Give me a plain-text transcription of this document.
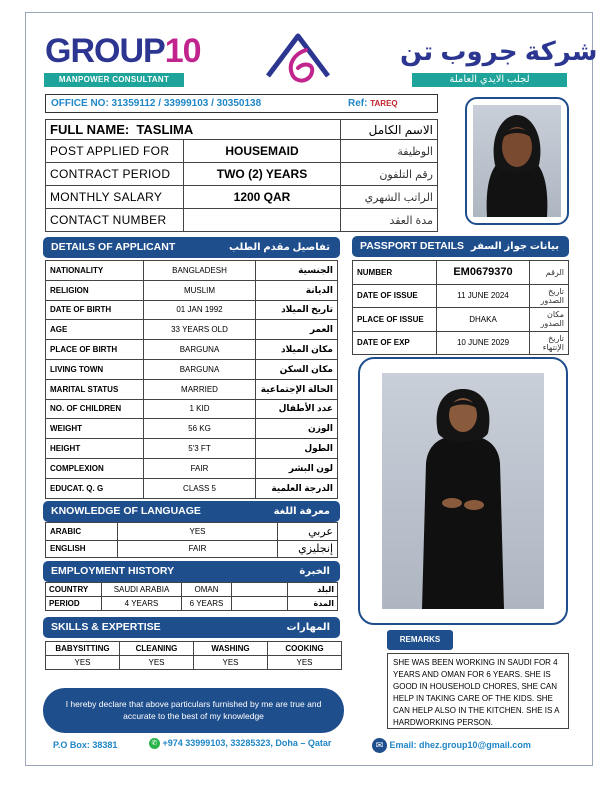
GROUP10
MANPOWER CONSULTANT
شركة جروب تن
لجلب الايدي العاملة
OFFICE NO: 31359112 / 33999103 / 30350138	Ref: TAREQ
FULL NAME: TASLIMA		الاسم الكامل
POST APPLIED FOR	HOUSEMAID	الوظيفة
CONTRACT PERIOD	TWO (2) YEARS	رقم التلفون
MONTHLY SALARY	1200 QAR	الراتب الشهري
CONTACT NUMBER		مدة العقد
DETAILS OF APPLICANT	تفاصيل مقدم الطلب
NATIONALITY	BANGLADESH	الجنسية
RELIGION	MUSLIM	الديانة
DATE OF BIRTH	01 JAN 1992	تاريخ الميلاد
AGE	33 YEARS OLD	العمر
PLACE OF BIRTH	BARGUNA	مكان الميلاد
LIVING TOWN	BARGUNA	مكان السكن
MARITAL STATUS	MARRIED	الحالة الإجتماعية
NO. OF CHILDREN	1 KID	عدد الأطفال
WEIGHT	56 KG	الوزن
HEIGHT	5'3 FT	الطول
COMPLEXION	FAIR	لون البشر
EDUCAT. Q. G	CLASS 5	الدرجة العلمية
PASSPORT DETAILS بيانات جواز السفر
NUMBER	EM0679370	الرقم
DATE OF ISSUE	11 JUNE 2024	تاريخ الصدور
PLACE OF ISSUE	DHAKA	مكان الصدور
DATE OF EXP	10 JUNE 2029	تاريخ الإنتهاء
KNOWLEDGE OF LANGUAGE	معرفة اللغة
ARABIC	YES	عربي
ENGLISH	FAIR	إنجليزي
EMPLOYMENT HISTORY	الخبرة
COUNTRY	SAUDI ARABIA	OMAN		البلد
PERIOD	4 YEARS	6 YEARS		المدة
SKILLS & EXPERTISE	المهارات
BABYSITTING	CLEANING	WASHING	COOKING
YES	YES	YES	YES
REMARKS
SHE WAS BEEN WORKING IN SAUDI FOR 4 YEARS AND OMAN FOR 6 YEARS. SHE IS GOOD IN HOUSEHOLD CHORES, SHE CAN HELP IN TAKING CARE OF THE KIDS. SHE CAN HELP ALSO IN THE KITCHEN. SHE IS A HARDWORKING PERSON.
I hereby declare that above particulars furnished by me are true and accurate to the best of my knowledge
P.O Box: 38381	✆ +974 33999103, 33285323, Doha – Qatar	✉ Email: dhez.group10@gmail.com
